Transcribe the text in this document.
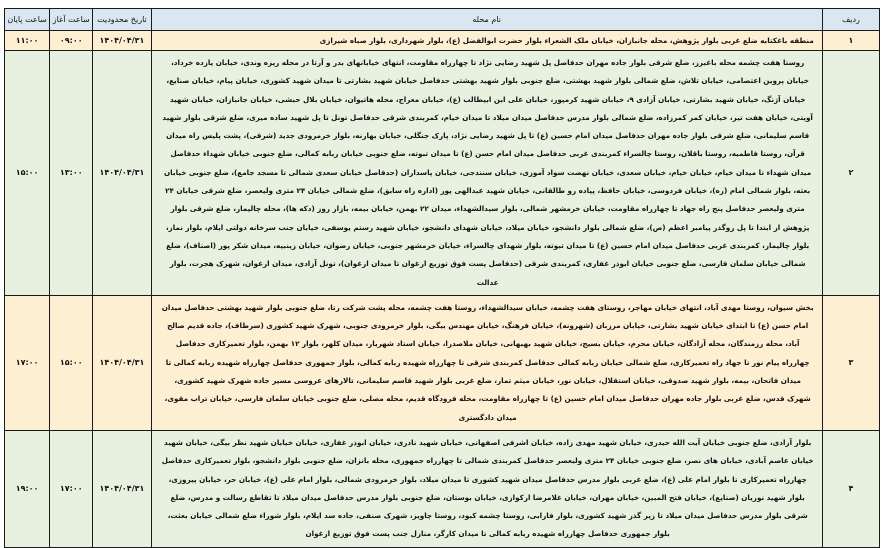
ردیف	نام محله	تاریخ محدودیت	ساعت آغاز	ساعت پایان
۱	منطقه باغکتابه ضلع غربی بلوار پژوهش، محله جانبازان، خیابان ملک الشعراء بلوار حضرت ابوالفضل (ع)، بلوار شهرداری، بلوار صباه شیرازی	۱۴۰۴/۰۴/۳۱	۰۹:۰۰	۱۱:۰۰
۲	روستا هفت چشمه محله باغبرز، ضلع شرقی بلوار جاده مهران حدفاصل پل شهید رضایی نژاد تا چهارراه مقاومت، انتهای خیابانهای بدر و آرتا در محله ریزه وندی، خیابان یازده خرداد، خیابان پروین اعتصامی، خیابان تلاش، ضلع شمالی بلوار شهید بهشتی، ضلع جنوبی بلوار شهید بهشتی حدفاصل خیابان شهید بشارتی تا میدان شهید کشوری، خیابان پیام، خیابان صنایع، خیابان آژنگ، خیابان شهید بشارتی، خیابان آزادی ۹، خیابان شهید کرمپور، خیابان علی ابن ابیطالب (ع)، خیابان معراج، محله هاتیوان، خیابان بلال حبشی، خیابان جانبازان، خیابان شهید آویتی، خیابان هفت تیر، خیابان کمر کمرزاده، ضلع شمالی بلوار مدرس حدفاصل میدان میلاد تا میدان خیام، کمربندی شرقی حدفاصل تونل تا پل شهید ساده میری، ضلع شرقی بلوار شهید قاسم سلیمانی، ضلع شرقی بلوار جاده مهران حدفاصل میدان امام حسین (ع) تا پل شهید رضایی نژاد، پارک جنگلی، خیابان بهارنه، بلوار خرمرودی جدید (شرقی)، پشت پلیس راه میدان قرآن، روستا فاطمیه، روستا باقلان، روستا چالسراء کمربندی غربی حدفاصل میدان امام حسن (ع) تا میدان تبوته، ضلع جنوبی خیابان ربابه کمالی، ضلع جنوبی خیابان شهداء حدفاصل میدان شهداء تا میدان خیام، خیابان خیام، خیابان سعدی، خیابان نهضت سواد آموزی، خیابان سنندجی، خیابان پاسداران (حدفاصل خیابان سعدی شمالی تا مسجد جامع)، ضلع جنوبی خیابان بعثه، بلوار شمالی امام (ره)، خیابان فردوسی، خیابان حافظ، پیاده رو طالقانی، خیابان شهید عبدالهی پور (اداره راه سابق)، ضلع شمالی خیابان ۲۴ متری ولیعصر، ضلع شرقی خیابان ۲۴ متری ولیعصر حدفاصل پنج راه جهاد تا چهارراه مقاومت، خیابان خرمشهر شمالی، بلوار سیدالشهداء، میدان ۲۲ بهمن، خیابان بیمه، بازار روز (دکه ها)، محله چالیمار، ضلع شرقی بلوار پژوهش از ابتدا تا پل روگذر پیامبر اعظم (ص)، ضلع شمالی بلوار دانشجو، خیابان میلاد، خیابان شهدای دانشجو، خیابان شهید رستم یوسفی، خیابان جنب سرخانه دولتی ایلام، بلوار نماز، بلوار چالیمار، کمربندی غربی حدفاصل میدان امام حسین (ع) تا میدان تبوته، بلوار شهدای چالسراء، خیابان خرمشهر جنوبی، خیابان رضوان، خیابان زینبیه، میدان شکر پور (اصناف)، ضلع شمالی خیابان سلمان فارسی، ضلع جنوبی خیابان ابوذر غفاری، کمربندی شرقی (حدفاصل پست فوق توزیع ارغوان تا میدان ارغوان)، تونل آزادی، میدان ارغوان، شهرک هجرت، بلوار عدالت	۱۴۰۴/۰۴/۳۱	۱۳:۰۰	۱۵:۰۰
۳	بخش سیوان، روستا مهدی آباد، انتهای خیابان مهاجر، روستای هفت چشمه، خیابان سیدالشهداء، روستا هفت چشمه، محله پشت شرکت رتا، ضلع جنوبی بلوار شهید بهشتی حدفاصل میدان امام حسن (ع) تا ابتدای خیابان شهید بشارتی، خیابان مرزبان (شهرونه)، خیابان فرهنگ، خیابان مهندس بیگی، بلوار خرمرودی جنوبی، شهرک شهید کشوری (سرطاف)، جاده قدیم صالح آباد، محله رزمندگان، محله آزادگان، خیابان محرم، خیابان بسیج، خیابان شهید بهبهانی، خیابان ملاصدرا، خیابان استاد شهریار، میدان کلهر، بلوار ۱۲ بهمن، بلوار تعمیرکاری حدفاصل چهارراه پیام نور تا جهاد راه تعمیرکاری، ضلع شمالی خیابان ربابه کمالی حدفاصل کمربندی شرقی تا چهارراه شهیده ربابه کمالی، بلوار جمهوری حدفاصل چهارراه شهیده ربابه کمالی تا میدان فاتحان، بیمه، بلوار شهید صدوقی، خیابان استقلال، خیابان نور، خیابان میثم تمار، ضلع غربی بلوار شهید قاسم سلیمانی، تالارهای عروسی مسیر جاده شهرک شهید کشوری، شهرک قدس، ضلع غربی بلوار جاده مهران حدفاصل میدان امام حسین (ع) تا چهارراه مقاومت، محله فرودگاه قدیم، محله مصلی، ضلع جنوبی خیابان سلمان فارسی، خیابان تراب مقوی، میدان دادگستری	۱۴۰۴/۰۴/۳۱	۱۵:۰۰	۱۷:۰۰
۴	بلوار آزادی، ضلع جنوبی خیابان آیت الله حیدری، خیابان شهید مهدی زاده، خیابان اشرفی اصفهانی، خیابان شهید نادری، خیابان ابوذر غفاری، خیابان خیابان شهید نظر بیگی، خیابان شهید خیابان عاصم آبادی، خیابان های نصر، ضلع جنوبی خیابان ۲۴ متری ولیعصر حدفاصل کمربندی شمالی تا چهارراه جمهوری، محله بانزان، ضلع جنوبی بلوار دانشجو، بلوار تعمیرکاری حدفاصل چهارراه تعمیرکاری تا بلوار امام علی (ع)، ضلع غربی بلوار مدرس حدفاصل میدان شهید کشوری تا میدان میلاد، بلوار خرمرودی شمالی، بلوار امام علی (ع)، خیابان حر، خیابان پیروزی، بلوار شهید نوریان (صنایع)، خیابان فتح المبین، خیابان مهران، خیابان غلامرضا ارکوازی، خیابان بوستان، ضلع جنوبی بلوار مدرس حدفاصل میدان میلاد تا تقاطع رسالت و مدرس، ضلع شرقی بلوار مدرس حدفاصل میدان میلاد تا زیر گذر شهید کشوری، بلوار فارابی، روستا چشمه کبود، روستا چاویز، شهرک صنفی، جاده سد ایلام، بلوار شوراء ضلع شمالی خیابان بعثت، بلوار جمهوری حدفاصل چهارراه شهیده ربابه کمالی تا میدان کارگر، منازل جنب پست فوق توزیع ارغوان	۱۴۰۴/۰۴/۳۱	۱۷:۰۰	۱۹:۰۰
